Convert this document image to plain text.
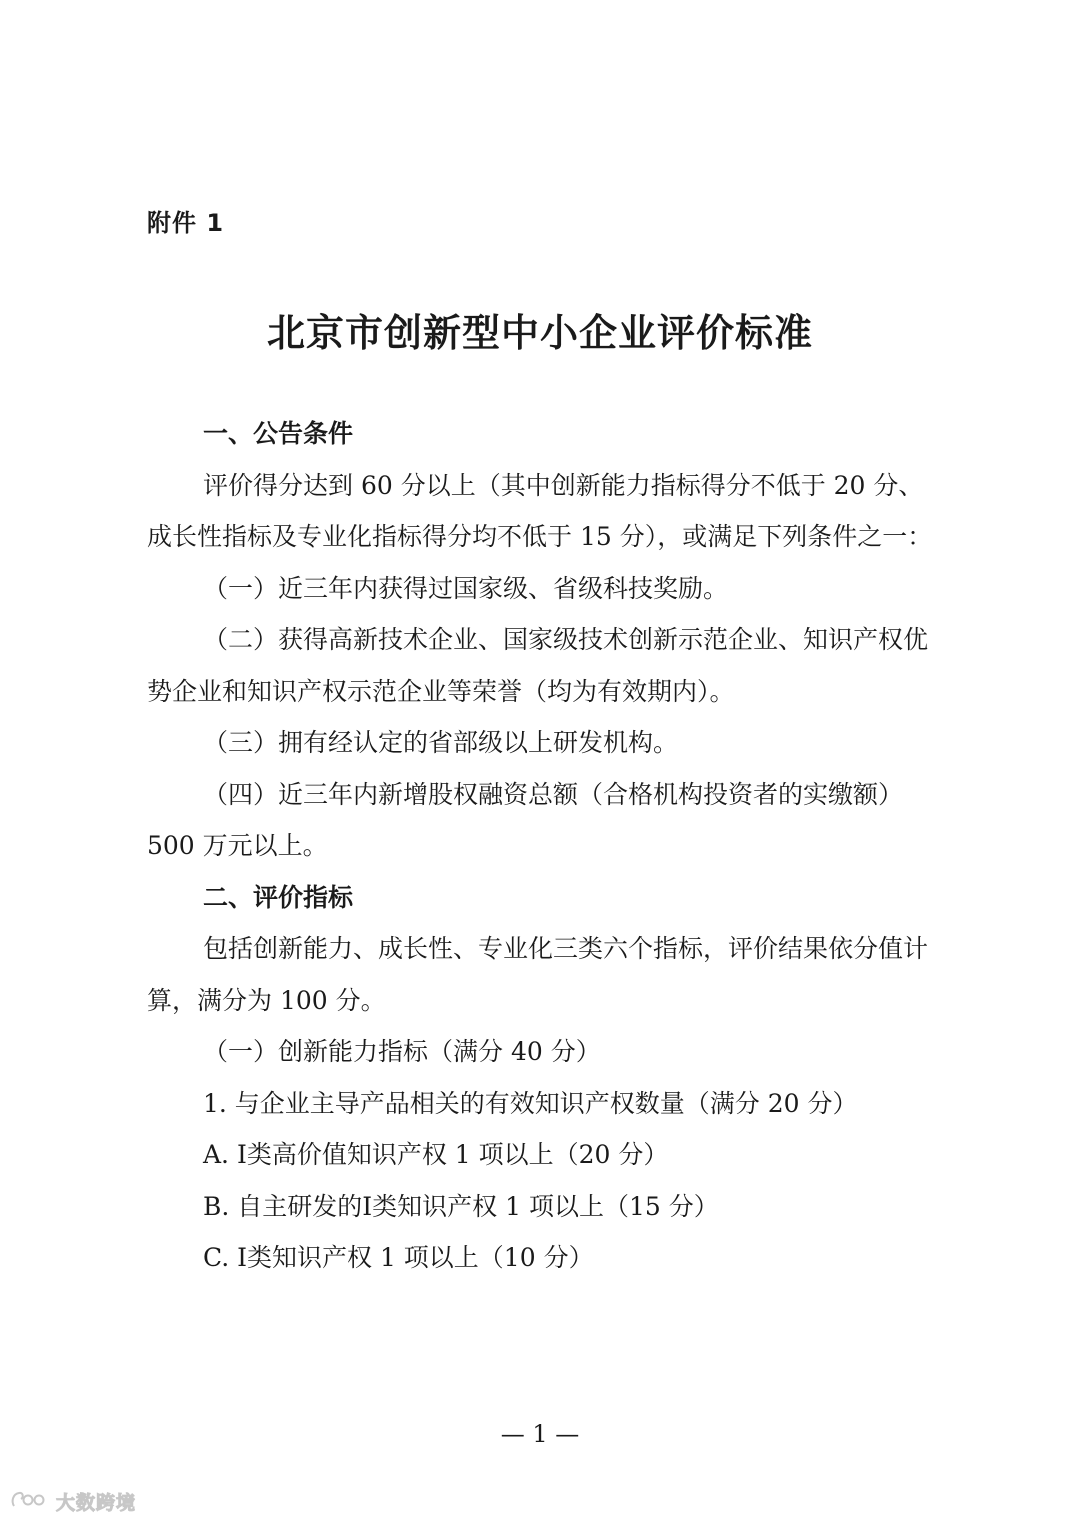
附件 1
北京市创新型中小企业评价标准

一、公告条件

评价得分达到 60 分以上（其中创新能力指标得分不低于 20 分、成长性指标及专业化指标得分均不低于 15 分），或满足下列条件之一：

（一）近三年内获得过国家级、省级科技奖励。

（二）获得高新技术企业、国家级技术创新示范企业、知识产权优势企业和知识产权示范企业等荣誉（均为有效期内）。

（三）拥有经认定的省部级以上研发机构。

（四）近三年内新增股权融资总额（合格机构投资者的实缴额）500 万元以上。

二、评价指标

包括创新能力、成长性、专业化三类六个指标，评价结果依分值计算，满分为 100 分。

（一）创新能力指标（满分 40 分）

1. 与企业主导产品相关的有效知识产权数量（满分 20 分）

A. Ⅰ类高价值知识产权 1 项以上（20 分）

B. 自主研发的Ⅰ类知识产权 1 项以上（15 分）

C. Ⅰ类知识产权 1 项以上（10 分）

— 1 —
大数跨境
